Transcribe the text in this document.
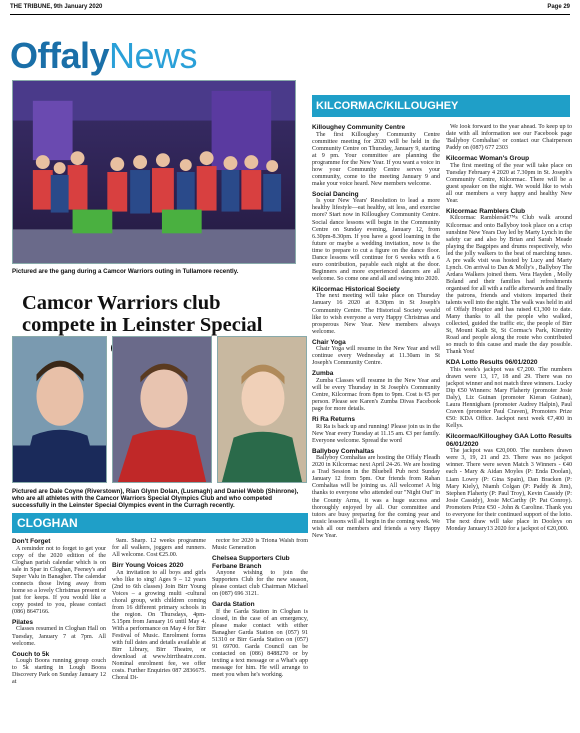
THE TRIBUNE, 9th January 2020	Page 29
OffalyNews
Pictured are the gang during a Camcor Warriors outing in Tullamore recently.
Camcor Warriors club compete in Leinster Special
Pictured are Dale Coyne (Riverstown), Rian Glynn Dolan, (Lusmagh) and Daniel Webb (Shinrone), who are all athletes with the Camcor Warriors Special Olympics Club and who competed successfully in the Leinster Special Olympics event in the Curragh recently.
KILCORMAC/KILLOUGHEY
Killoughey Community Centre

The first Killoughey Community Centre committee meeting for 2020 will be held in the Community Centre on Thursday, January 9, starting at 9 pm. Your committee are planning the programme for the New Year. If you want a voice in how your Community Centre serves your community, come to the meeting January 9 and make your voice heard. New members welcome.

Social Dancing

Is your New Years' Resolution to lead a more healthy lifestyle—eat healthy, sit less, and exercise more? Start now in Killoughey Community Centre. Social dance lessons will begin in the Community Centre on Sunday evening, January 12, from 6.30pm-8.30pm. If you have a good loaming in the future or maybe a wedding invitation, now is the time to prepare to cut a figure on the dance floor. Dance lessons will continue for 6 weeks with a 6 euro contribution, payable each night at the door. Beginners and more experienced dancers are all welcome. So come one and all and swing into 2020.

Kilcormac Historical Society

The next meeting will take place on Thursday January 16 2020 at 8.30pm in St Joseph's Community Centre. The Historical Society would like to wish everyone a very Happy Christmas and prosperous New Year. New members always welcome.

Chair Yoga

Chair Yoga will resume in the New Year and will continue every Wednesday at 11.30am in St Joseph's Community Centre.

Zumba

Zumba Classes will resume in the New Year and will be every Thursday in St Joseph's Community Centre, Kilcormac from 8pm to 9pm. Cost is €5 per person. Please see Karen's Zumba Divas Facebook page for more details.

Ri Ra Returns

Ri Ra is back up and running! Please join us in the New Year every Tuesday at 11.15 am. €3 per family. Everyone welcome. Spread the word

Ballyboy Comhaltas

Ballyboy Comhaltas are hosting the Offaly Fleadh 2020 in Kilcormac next April 24-26. We are hosting a Trad Session in the Bluebell Pub next Sunday January 12 from 5pm. Our friends from Rahan Comhaltas will be joining us. All welcome! A big thanks to everyone who attended our "Night Out" in the County Arms, it was a huge success and thoroughly enjoyed by all. Our committee and tutors are busy preparing for the coming year and music lessons will all begin in the coming week. We wish all our members and friends a very Happy New Year.

We look forward to the year ahead. To keep up to date with all information see our Facebook page 'Ballyboy Comhaltas' or contact our Chairperson Paddy on (087) 677 2303

Kilcormac Woman's Group

The first meeting of the year will take place on Tuesday February 4 2020 at 7.30pm in St. Joseph's Community Centre, Kilcormac. There will be a guest speaker on the night. We would like to wish all our members a very happy and healthy New Year.

Kilcormac Ramblers Club

Kilcormac Ramblersâ€™s Club walk around Kilcormac and onto Ballyboy took place on a crisp sunshine New Years Day led by Marty Lynch in the safety car and also by Brian and Sarah Meade playing the Bagpipes and drums respectively, who led the jolly walkers to the beat of marching tunes. A pre walk visit was hosted by Lucy and Marty Lynch. On arrival to Dan & Molly's , Ballyboy The Ardara Walkers joined them. Vera Hayden , Molly Boland and their families had refreshments organised for all with a raffle afterwards and finally the patrons, friends and visitors imparted their talents well into the night. The walk was held in aid of Offaly Hospice and has raised €1,300 to date. Many thanks to all the people who walked, collected, guided the traffic etc, the people of Birr St, Mount Kath St, St Cormac's Park, Kinnitty Road and people along the route who contributed so much to this cause and made the day possible. Thank You!

KDA Lotto Results 06/01/2020

This week's jackpot was €7,200. The numbers drawn were 13, 17, 18 and 29. There was no jackpot winner and not match three winners. Lucky Dip €50 Winners: Mary Flaherty (promoter Josie Daly), Liz Guinan (promoter Kieran Guinan), Laura Hennigham (promoter Audrey Halpin), Paul Craven (promoter Paul Craven), Promoters Prize €50: KDA Office. Jackpot next week €7,400 in Kellys.

Kilcormac/Killoughey GAA Lotto Results 06/01/2020

The jackpot was €20,000. The numbers drawn were 3, 19, 21 and 23. There was no jackpot winner. There were seven Match 3 Winners - €40 each - Mary & Aidan Moyles (P: Enda Doolan), Liam Lowry (P: Gina Spain), Dan Bracken (P: Mary Kiely), Niamh Colgan (P: Paddy & Jim), Stephen Flaherty (P: Paul Troy), Kevin Cassidy (P: Josie Cassidy), Josie McCarthy (P: Pat Conroy). Promoters Prize €50 - John & Caroline. Thank you to everyone for their continued support of the lotto. The next draw will take place in Dooleys on Monday January13 2020 for a jackpot of €20,000.

CLOGHAN
Don't Forget

A reminder not to forget to get your copy of the 2020 edition of the Cloghan parish calendar which is on sale in Spar in Cloghan, Feeney's and Super Valu in Banagher. The calendar connects those living away from home so a lovely Christmas present or just for keeps. If you would like a copy posted to you, please contact (086) 8647166.

Pilates

Classes resumed in Cloghan Hall on Tuesday, January 7 at 7pm. All welcome.

Couch to 5k

Lough Boora running group couch to 5k starting in Lough Boora Discovery Park on Sunday January 12 at

9am. Sharp. 12 weeks programme for all walkers, joggers and runners. All welcome. Cost €25.00.

Birr Young Voices 2020

An invitation to all boys and girls who like to sing! Ages 9 – 12 years (2nd to 6th classes) Join Birr Young Voices – a growing multi -cultural choral group, with children coming from 16 different primary schools in the region. On Thursdays, 4pm-5.15pm from January 16 until May 4. With a performance on May 4 for Birr Festival of Music. Enrolment forms with full dates and details available at Birr Library, Birr Theatre, or download at www.birrtheatre.com. Nominal enrolment fee, we offer costs. Further Enquiries 087 2836675. Choral Di-

rector for 2020 is Triona Walsh from Music Generation

Chelsea Supporters Club Ferbane Branch

Anyone wishing to join the Supporters Club for the new season, please contact club Chairman Michael on (087) 696 3121.

Garda Station

If the Garda Station in Cloghan is closed, in the case of an emergency, please make contact with either Banagher Garda Station on (057) 91 51310 or Birr Garda Station on (057) 91 69700. Garda Council can be contacted on (086) 8488270 or by texting a text message or a What's app message for him. He will arrange to meet you when he's working.
